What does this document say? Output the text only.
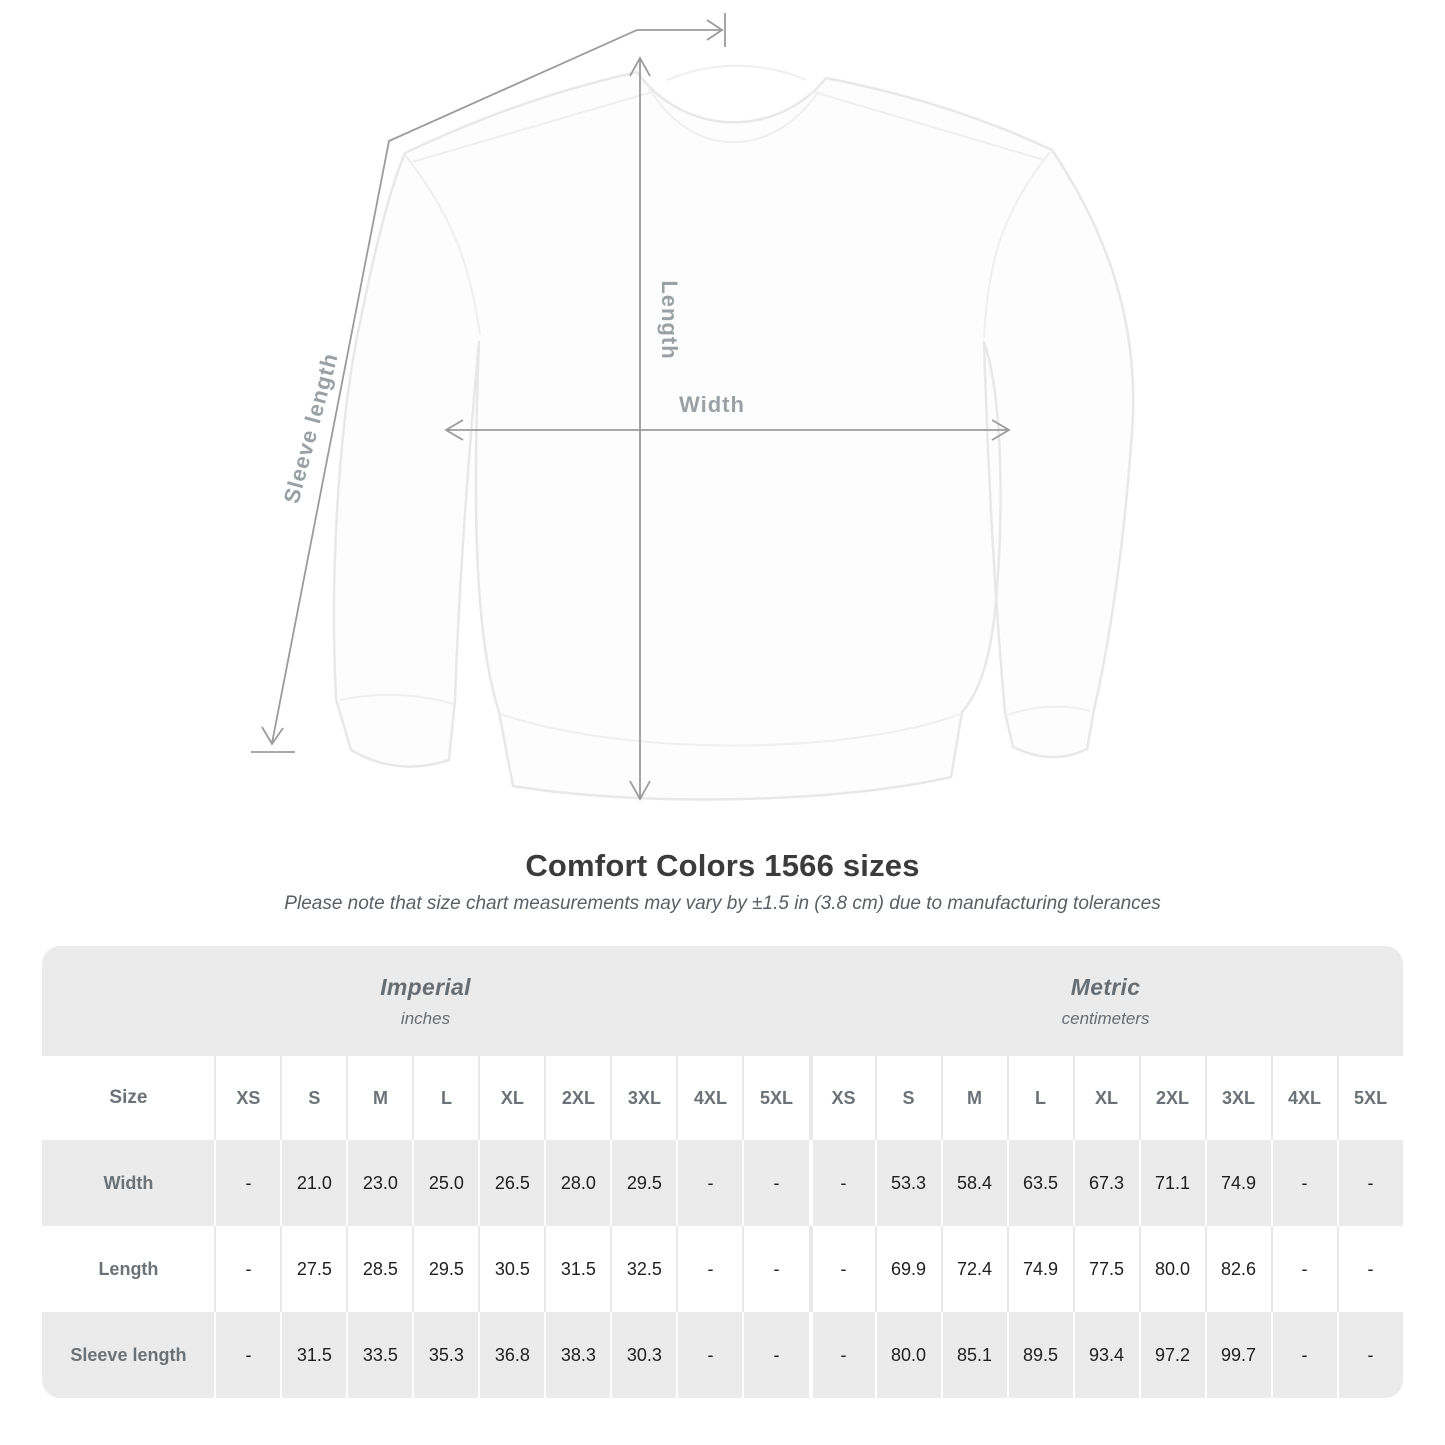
Sleeve length
Length
Width
Comfort Colors 1566 sizes

Please note that size chart measurements may vary by ±1.5 in (3.8 cm) due to manufacturing tolerances

Imperial
inches

Metric
centimeters

Size	XS	S	M	L	XL	2XL	3XL	4XL	5XL	XS	S	M	L	XL	2XL	3XL	4XL	5XL
Width	-	21.0	23.0	25.0	26.5	28.0	29.5	-	-	-	53.3	58.4	63.5	67.3	71.1	74.9	-	-
Length	-	27.5	28.5	29.5	30.5	31.5	32.5	-	-	-	69.9	72.4	74.9	77.5	80.0	82.6	-	-
Sleeve length	-	31.5	33.5	35.3	36.8	38.3	30.3	-	-	-	80.0	85.1	89.5	93.4	97.2	99.7	-	-
